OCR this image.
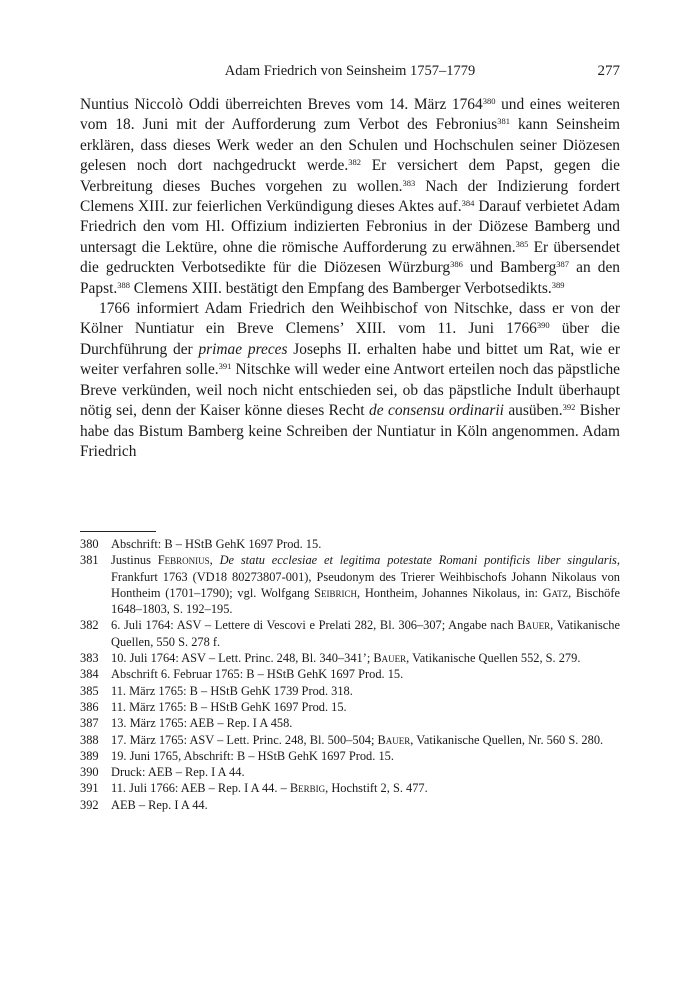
Adam Friedrich von Seinsheim 1757–1779	277

Nuntius Niccolò Oddi überreichten Breves vom 14. März 1764$^{380}$ und eines weiteren vom 18. Juni mit der Aufforderung zum Verbot des Febronius$^{381}$ kann Seinsheim erklären, dass dieses Werk weder an den Schulen und Hochschulen seiner Diözesen gelesen noch dort nachgedruckt werde.$^{382}$ Er versichert dem Papst, gegen die Verbreitung dieses Buches vorgehen zu wollen.$^{383}$ Nach der Indizierung fordert Clemens XIII. zur feierlichen Verkündigung dieses Aktes auf.$^{384}$ Darauf verbietet Adam Friedrich den vom Hl. Offizium indizierten Febronius in der Diözese Bamberg und untersagt die Lektüre, ohne die römische Aufforderung zu erwähnen.$^{385}$ Er übersendet die gedruckten Verbotsedikte für die Diözesen Würzburg$^{386}$ und Bamberg$^{387}$ an den Papst.$^{388}$ Clemens XIII. bestätigt den Empfang des Bamberger Verbotsedikts.$^{389}$

1766 informiert Adam Friedrich den Weihbischof von Nitschke, dass er von der Kölner Nuntiatur ein Breve Clemens’ XIII. vom 11. Juni 1766$^{390}$ über die Durchführung der primae preces Josephs II. erhalten habe und bittet um Rat, wie er weiter verfahren solle.$^{391}$ Nitschke will weder eine Antwort erteilen noch das päpstliche Breve verkünden, weil noch nicht entschieden sei, ob das päpstliche Indult überhaupt nötig sei, denn der Kaiser könne dieses Recht de consensu ordinarii ausüben.$^{392}$ Bisher habe das Bistum Bamberg keine Schreiben der Nuntiatur in Köln angenommen. Adam Friedrich

380	Abschrift: B – HStB GehK 1697 Prod. 15.
381	Justinus Febronius, De statu ecclesiae et legitima potestate Romani pontificis liber singularis, Frankfurt 1763 (VD18 80273807-001), Pseudonym des Trierer Weihbischofs Johann Nikolaus von Hontheim (1701–1790); vgl. Wolfgang Seibrich, Hontheim, Johannes Nikolaus, in: Gatz, Bischöfe 1648–1803, S. 192–195.
382	6. Juli 1764: ASV – Lettere di Vescovi e Prelati 282, Bl. 306–307; Angabe nach Bauer, Vatikanische Quellen, 550 S. 278 f.
383	10. Juli 1764: ASV – Lett. Princ. 248, Bl. 340–341’; Bauer, Vatikanische Quellen 552, S. 279.
384	Abschrift 6. Februar 1765: B – HStB GehK 1697 Prod. 15.
385	11. März 1765: B – HStB GehK 1739 Prod. 318.
386	11. März 1765: B – HStB GehK 1697 Prod. 15.
387	13. März 1765: AEB – Rep. I A 458.
388	17. März 1765: ASV – Lett. Princ. 248, Bl. 500–504; Bauer, Vatikanische Quellen, Nr. 560 S. 280.
389	19. Juni 1765, Abschrift: B – HStB GehK 1697 Prod. 15.
390	Druck: AEB – Rep. I A 44.
391	11. Juli 1766: AEB – Rep. I A 44. – Berbig, Hochstift 2, S. 477.
392	AEB – Rep. I A 44.
